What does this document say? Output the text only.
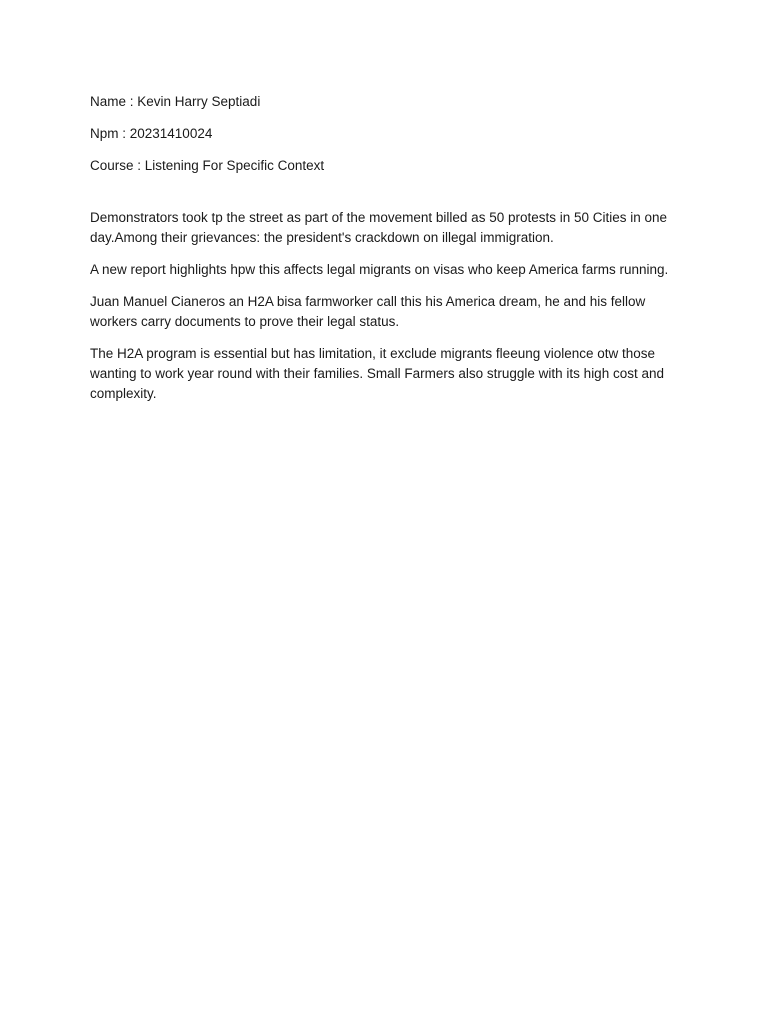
Name : Kevin Harry Septiadi

Npm : 20231410024

Course : Listening For Specific Context

Demonstrators took tp the street as part of the movement billed as 50 protests in 50 Cities in one day.Among their grievances: the president's crackdown on illegal immigration.

A new report highlights hpw this affects legal migrants on visas who keep America farms running.

Juan Manuel Cianeros an H2A bisa farmworker call this his America dream, he and his fellow workers carry documents to prove their legal status.

The H2A program is essential but has limitation, it exclude migrants fleeung violence otw those wanting to work year round with their families. Small Farmers also struggle with its high cost and complexity.
